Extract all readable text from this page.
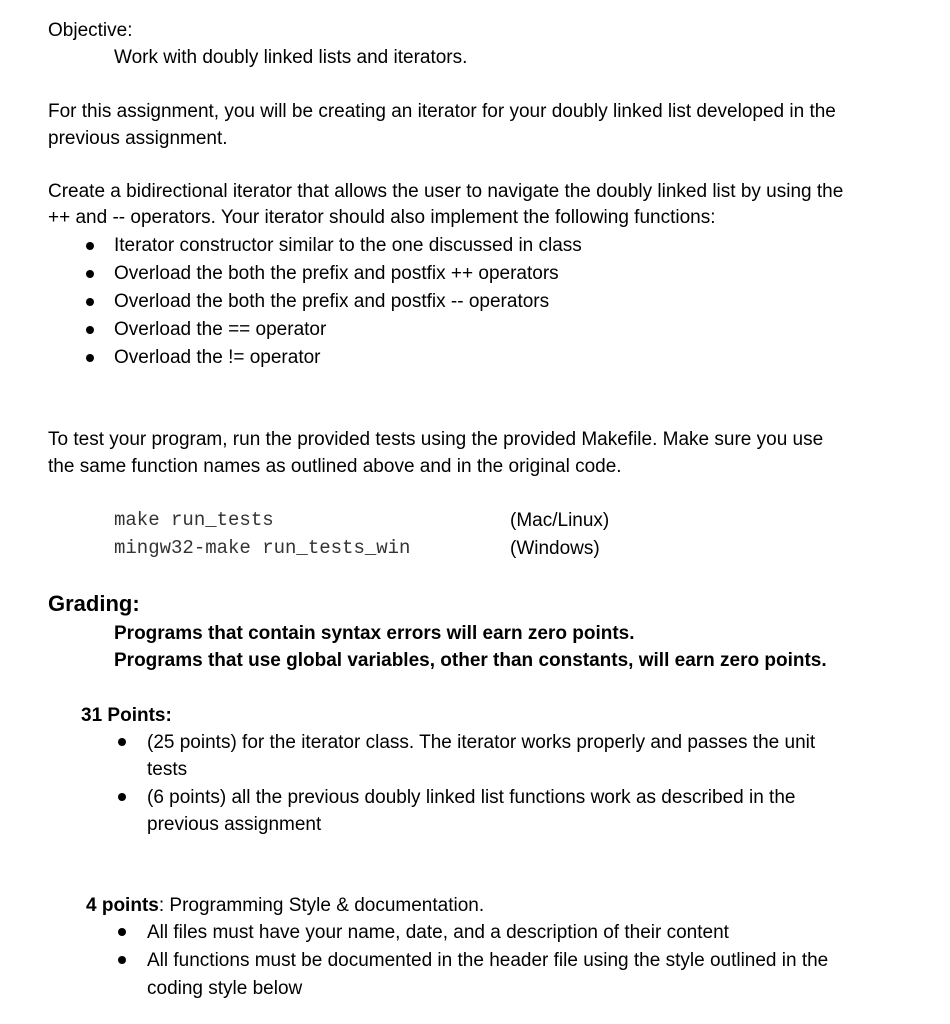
Objective:
Work with doubly linked lists and iterators.
For this assignment, you will be creating an iterator for your doubly linked list developed in the
previous assignment.
Create a bidirectional iterator that allows the user to navigate the doubly linked list by using the
++ and -- operators. Your iterator should also implement the following functions:
Iterator constructor similar to the one discussed in class
Overload the both the prefix and postfix ++ operators
Overload the both the prefix and postfix -- operators
Overload the == operator
Overload the != operator
To test your program, run the provided tests using the provided Makefile. Make sure you use
the same function names as outlined above and in the original code.
make run_tests	(Mac/Linux)
mingw32-make run_tests_win	(Windows)
Grading:
Programs that contain syntax errors will earn zero points.
Programs that use global variables, other than constants, will earn zero points.
31 Points:
(25 points) for the iterator class. The iterator works properly and passes the unit
tests
(6 points) all the previous doubly linked list functions work as described in the
previous assignment
4 points: Programming Style & documentation.
All files must have your name, date, and a description of their content
All functions must be documented in the header file using the style outlined in the
coding style below
